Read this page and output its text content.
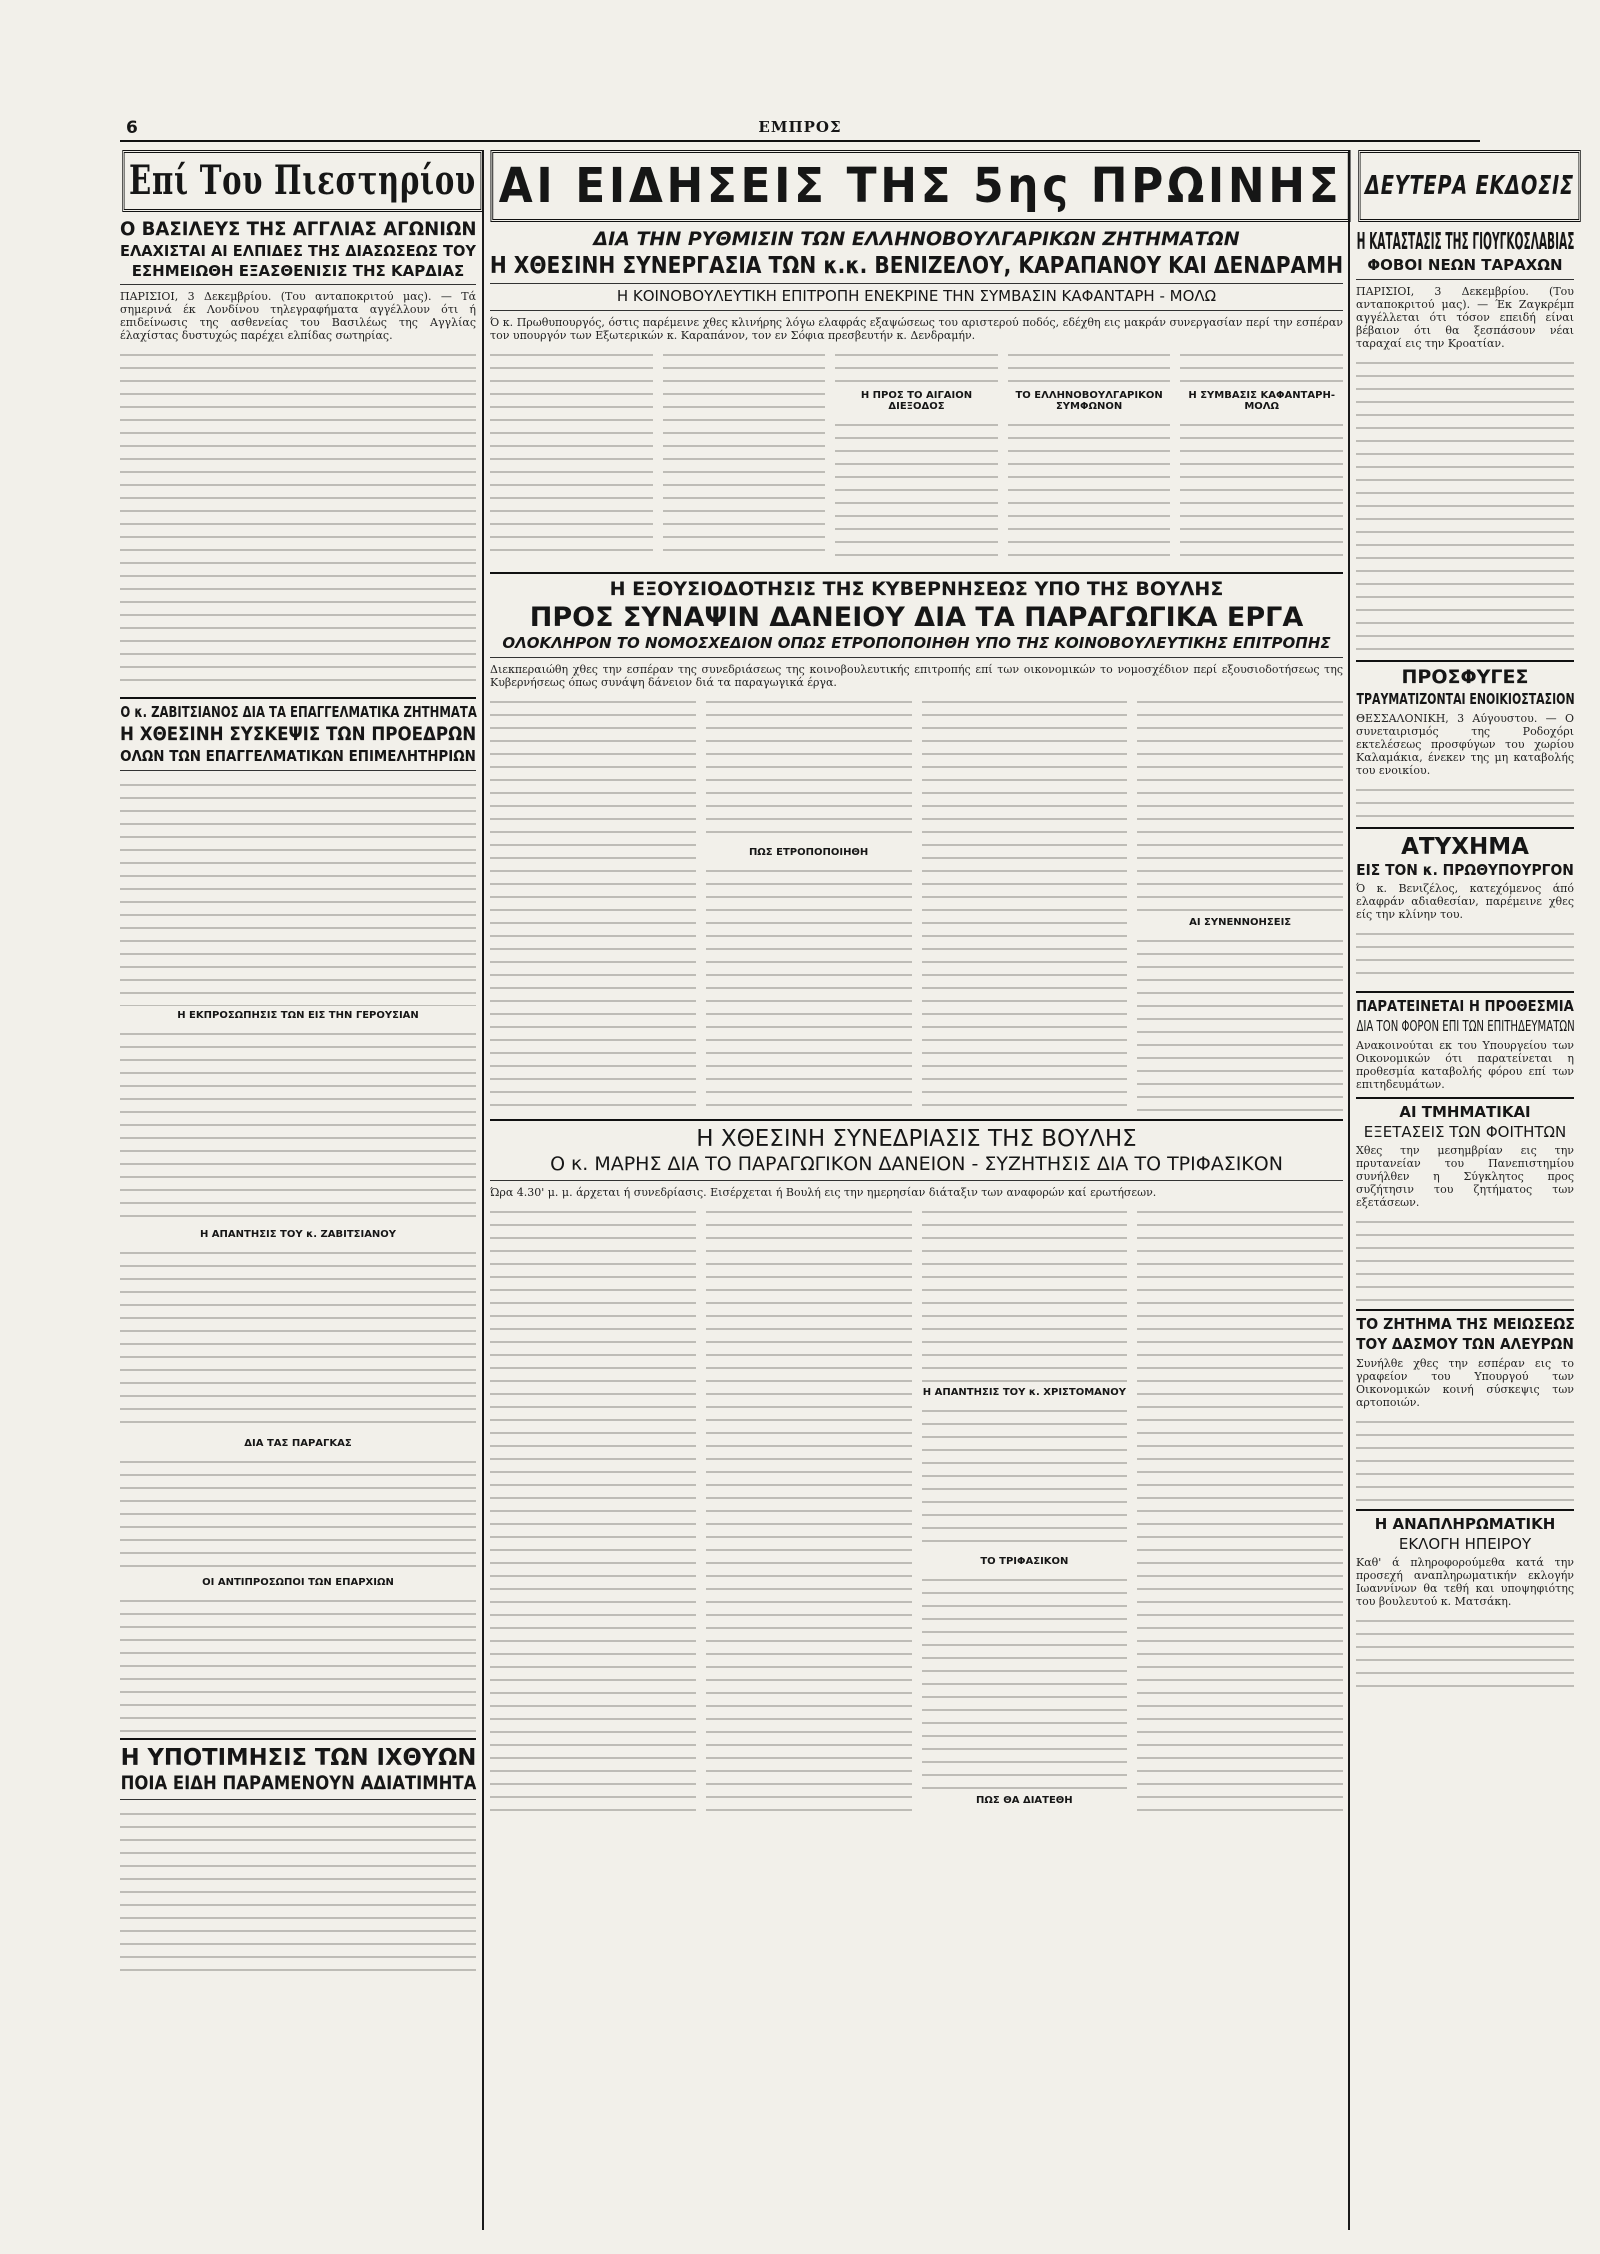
6	ΕΜΠΡΟΣ
Επί Του Πιεστηρίου
Ο ΒΑΣΙΛΕΥΣ ΤΗΣ ΑΓΓΛΙΑΣ ΑΓΩΝΙΩΝ
ΕΛΑΧΙΣΤΑΙ ΑΙ ΕΛΠΙΔΕΣ ΤΗΣ ΔΙΑΣΩΣΕΩΣ ΤΟΥ
ΕΣΗΜΕΙΩΘΗ ΕΞΑΣΘΕΝΙΣΙΣ ΤΗΣ ΚΑΡΔΙΑΣ

ΠΑΡΙΣΙΟΙ, 3 Δεκεμβρίου. (Του ανταποκριτού μας). — Τά σημερινά έκ Λονδίνου τηλεγραφήματα αγγέλλουν ότι ή επιδείνωσις της ασθενείας του Βασιλέως της Αγγλίας έλαχίστας δυστυχώς παρέχει ελπίδας σωτηρίας.

Ο κ. ΖΑΒΙΤΣΙΑΝΟΣ ΔΙΑ ΤΑ ΕΠΑΓΓΕΛΜΑΤΙΚΑ ΖΗΤΗΜΑΤΑ
Η ΧΘΕΣΙΝΗ ΣΥΣΚΕΨΙΣ ΤΩΝ ΠΡΟΕΔΡΩΝ
ΟΛΩΝ ΤΩΝ ΕΠΑΓΓΕΛΜΑΤΙΚΩΝ ΕΠΙΜΕΛΗΤΗΡΙΩΝ
Η ΕΚΠΡΟΣΩΠΗΣΙΣ ΤΩΝ ΕΙΣ ΤΗΝ ΓΕΡΟΥΣΙΑΝ
Η ΑΠΑΝΤΗΣΙΣ ΤΟΥ κ. ΖΑΒΙΤΣΙΑΝΟΥ
ΔΙΑ ΤΑΣ ΠΑΡΑΓΚΑΣ
ΟΙ ΑΝΤΙΠΡΟΣΩΠΟΙ ΤΩΝ ΕΠΑΡΧΙΩΝ
Η ΥΠΟΤΙΜΗΣΙΣ ΤΩΝ ΙΧΘΥΩΝ
ΠΟΙΑ ΕΙΔΗ ΠΑΡΑΜΕΝΟΥΝ ΑΔΙΑΤΙΜΗΤΑ
ΑΙ ΕΙΔΗΣΕΙΣ ΤΗΣ 5ης ΠΡΩΙΝΗΣ
ΔΙΑ ΤΗΝ ΡΥΘΜΙΣΙΝ ΤΩΝ ΕΛΛΗΝΟΒΟΥΛΓΑΡΙΚΩΝ ΖΗΤΗΜΑΤΩΝ
Η ΧΘΕΣΙΝΗ ΣΥΝΕΡΓΑΣΙΑ ΤΩΝ κ.κ. ΒΕΝΙΖΕΛΟΥ, ΚΑΡΑΠΑΝΟΥ ΚΑΙ ΔΕΝΔΡΑΜΗ
Η ΚΟΙΝΟΒΟΥΛΕΥΤΙΚΗ ΕΠΙΤΡΟΠΗ ΕΝΕΚΡΙΝΕ ΤΗΝ ΣΥΜΒΑΣΙΝ ΚΑΦΑΝΤΑΡΗ - ΜΟΛΩ

Ό κ. Πρωθυπουργός, όστις παρέμεινε χθες κλινήρης λόγω ελαφράς εξαψώσεως του αριστερού ποδός, εδέχθη εις μακράν συνεργασίαν περί την εσπέραν τον υπουργόν των Εξωτερικών κ. Καραπάνον, τον εν Σόφια πρεσβευτήν κ. Δενδραμήν.

Η ΠΡΟΣ ΤΟ ΑΙΓΑΙΟΝ ΔΙΕΞΟΔΟΣ
ΤΟ ΕΛΛΗΝΟΒΟΥΛΓΑΡΙΚΟΝ ΣΥΜΦΩΝΟΝ
Η ΣΥΜΒΑΣΙΣ ΚΑΦΑΝΤΑΡΗ-ΜΟΛΩ
Η ΕΞΟΥΣΙΟΔΟΤΗΣΙΣ ΤΗΣ ΚΥΒΕΡΝΗΣΕΩΣ ΥΠΟ ΤΗΣ ΒΟΥΛΗΣ
ΠΡΟΣ ΣΥΝΑΨΙΝ ΔΑΝΕΙΟΥ ΔΙΑ ΤΑ ΠΑΡΑΓΩΓΙΚΑ ΕΡΓΑ
ΟΛΟΚΛΗΡΟΝ ΤΟ ΝΟΜΟΣΧΕΔΙΟΝ ΟΠΩΣ ΕΤΡΟΠΟΠΟΙΗΘΗ ΥΠΟ ΤΗΣ ΚΟΙΝΟΒΟΥΛΕΥΤΙΚΗΣ ΕΠΙΤΡΟΠΗΣ

Διεκπεραιώθη χθες την εσπέραν της συνεδριάσεως της κοινοβουλευτικής επιτροπής επί των οικονομικών το νομοσχέδιον περί εξουσιοδοτήσεως της Κυβερνήσεως όπως συνάψη δάνειον διά τα παραγωγικά έργα.

ΠΩΣ ΕΤΡΟΠΟΠΟΙΗΘΗ
ΑΙ ΣΥΝΕΝΝΟΗΣΕΙΣ
Η ΧΘΕΣΙΝΗ ΣΥΝΕΔΡΙΑΣΙΣ ΤΗΣ ΒΟΥΛΗΣ
Ο κ. ΜΑΡΗΣ ΔΙΑ ΤΟ ΠΑΡΑΓΩΓΙΚΟΝ ΔΑΝΕΙΟΝ - ΣΥΖΗΤΗΣΙΣ ΔΙΑ ΤΟ ΤΡΙΦΑΣΙΚΟΝ

Ώρα 4.30' μ. μ. άρχεται ή συνεδρίασις. Εισέρχεται ή Βουλή εις την ημερησίαν διάταξιν των αναφορών καί ερωτήσεων.

Η ΑΠΑΝΤΗΣΙΣ ΤΟΥ κ. ΧΡΙΣΤΟΜΑΝΟΥ
ΤΟ ΤΡΙΦΑΣΙΚΟΝ
ΠΩΣ ΘΑ ΔΙΑΤΕΘΗ
ΔΕΥΤΕΡΑ ΕΚΔΟΣΙΣ
Η ΚΑΤΑΣΤΑΣΙΣ ΤΗΣ ΓΙΟΥΓΚΟΣΛΑΒΙΑΣ
ΦΟΒΟΙ ΝΕΩΝ ΤΑΡΑΧΩΝ

ΠΑΡΙΣΙΟΙ, 3 Δεκεμβρίου. (Του ανταποκριτού μας). — Έκ Ζαγκρέμπ αγγέλλεται ότι τόσον επειδή είναι βέβαιον ότι θα ξεσπάσουν νέαι ταραχαί εις την Κροατίαν.

ΠΡΟΣΦΥΓΕΣ
ΤΡΑΥΜΑΤΙΖΟΝΤΑΙ ΕΝΟΙΚΙΟΣΤΑΣΙΟΝ

ΘΕΣΣΑΛΟΝΙΚΗ, 3 Αύγουστου. — Ο συνεταιρισμός της Ροδοχόρι εκτελέσεως προσφύγων του χωρίου Καλαμάκια, ένεκεν της μη καταβολής του ενοικίου.

ΑΤΥΧΗΜΑ
ΕΙΣ ΤΟΝ κ. ΠΡΩΘΥΠΟΥΡΓΟΝ

Ό κ. Βενιζέλος, κατεχόμενος άπό ελαφράν αδιαθεσίαν, παρέμεινε χθες είς την κλίνην του.

ΠΑΡΑΤΕΙΝΕΤΑΙ Η ΠΡΟΘΕΣΜΙΑ
ΔΙΑ ΤΟΝ ΦΟΡΟΝ ΕΠΙ ΤΩΝ ΕΠΙΤΗΔΕΥΜΑΤΩΝ

Ανακοινούται εκ του Υπουργείου των Οικονομικών ότι παρατείνεται η προθεσμία καταβολής φόρου επί των επιτηδευμάτων.

ΑΙ ΤΜΗΜΑΤΙΚΑΙ
ΕΞΕΤΑΣΕΙΣ ΤΩΝ ΦΟΙΤΗΤΩΝ

Χθες την μεσημβρίαν εις την πρυτανείαν του Πανεπιστημίου συνήλθεν η Σύγκλητος προς συζήτησιν του ζητήματος των εξετάσεων.

ΤΟ ΖΗΤΗΜΑ ΤΗΣ ΜΕΙΩΣΕΩΣ
ΤΟΥ ΔΑΣΜΟΥ ΤΩΝ ΑΛΕΥΡΩΝ

Συνήλθε χθες την εσπέραν εις το γραφείον του Υπουργού των Οικονομικών κοινή σύσκεψις των αρτοποιών.

Η ΑΝΑΠΛΗΡΩΜΑΤΙΚΗ
ΕΚΛΟΓΗ ΗΠΕΙΡΟΥ

Καθ' ά πληροφορούμεθα κατά την προσεχή αναπληρωματικήν εκλογήν Ιωαννίνων θα τεθή και υποψηφιότης του βουλευτού κ. Ματσάκη.
